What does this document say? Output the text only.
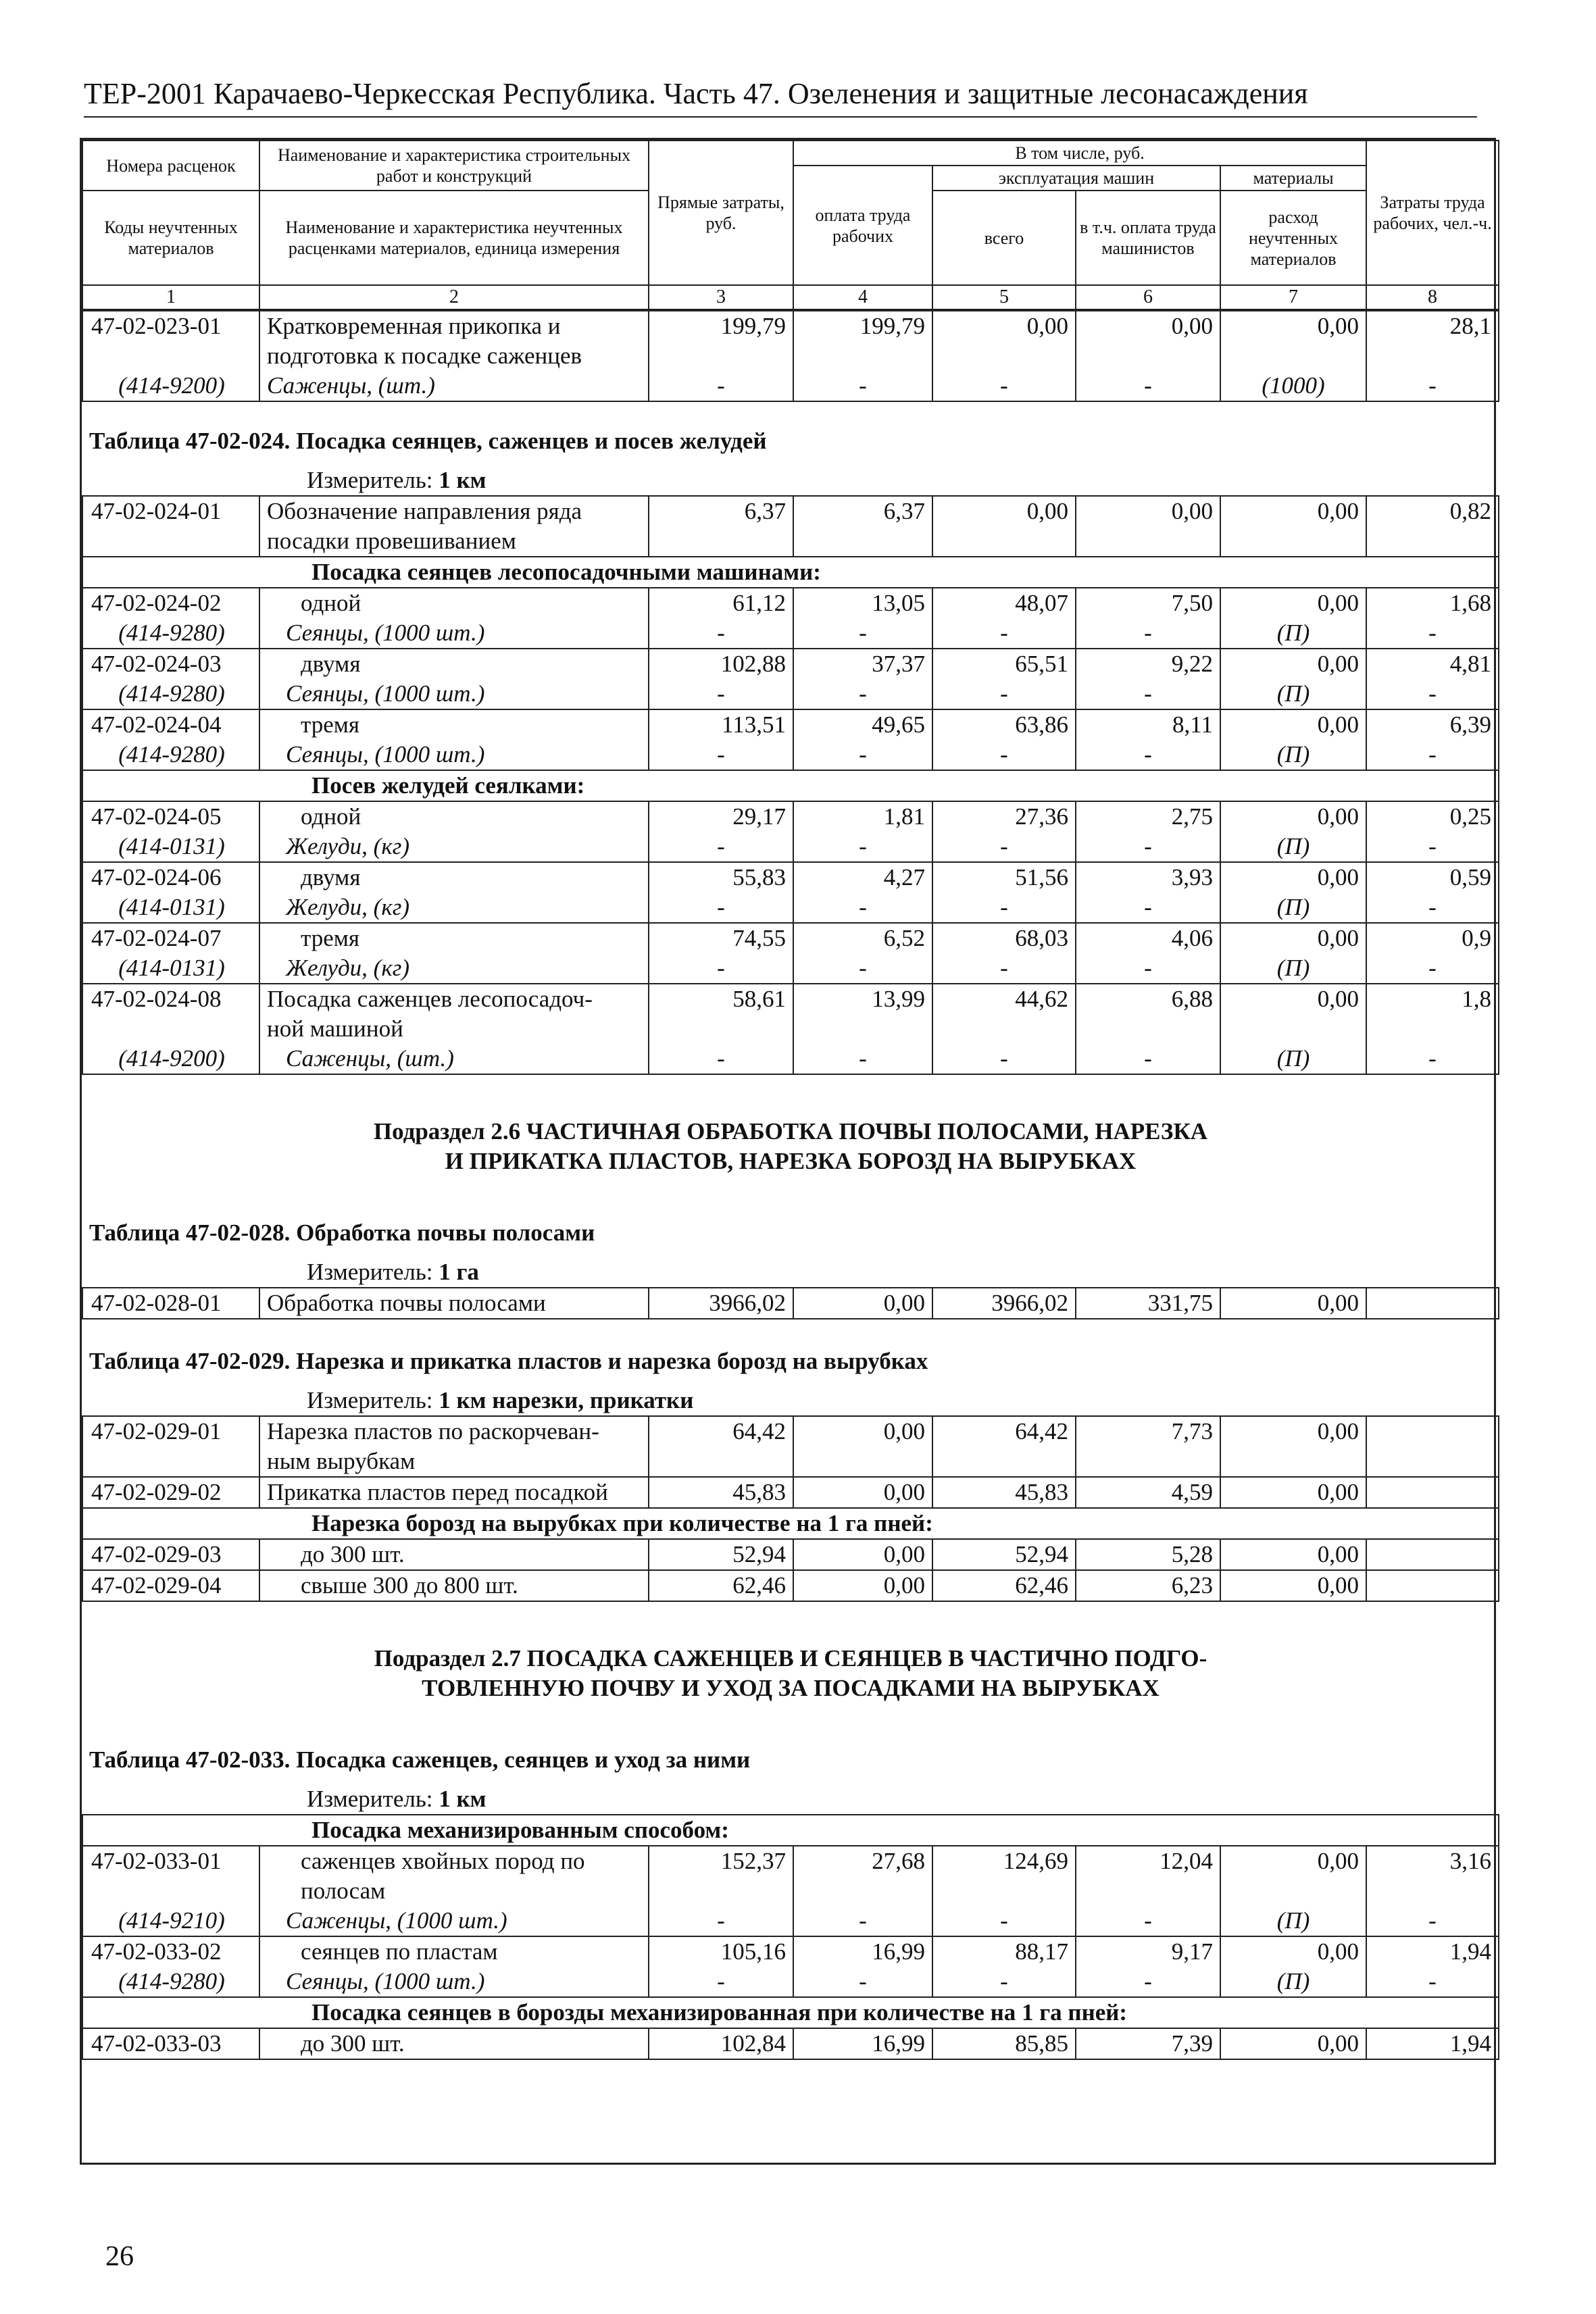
ТЕР-2001 Карачаево-Черкесская Республика. Часть 47. Озеленения и защитные лесонасаждения
Номера расценок	Наименование и характеристика строительных работ и конструкций	Прямые затраты, руб.	В том числе, руб.				Затраты труда рабочих, чел.-ч.
			оплата труда рабочих	эксплуатация машин		материалы	
Коды неучтенных материалов	Наименование и характеристика неучтенных расценками материалов, единица измерения			всего	в т.ч. оплата труда машинистов	расход неучтенных материалов	

1	2	3	4	5	6	7	8
47-02-023-01	Кратковременная прикопка и	199,79	199,79	0,00	0,00	0,00	28,1
	подготовка к посадке саженцев						
(414-9200)	Саженцы, (шт.)	-	-	-	-	(1000)	-

Таблица 47-02-024. Посадка сеянцев, саженцев и посев желудей							
Измеритель: 1 км							
47-02-024-01	Обозначение направления ряда	6,37	6,37	0,00	0,00	0,00	0,82
	посадки провешиванием						
Посадка сеянцев лесопосадочными машинами:							
47-02-024-02	одной	61,12	13,05	48,07	7,50	0,00	1,68
(414-9280)	Сеянцы, (1000 шт.)	-	-	-	-	(П)	-
47-02-024-03	двумя	102,88	37,37	65,51	9,22	0,00	4,81
(414-9280)	Сеянцы, (1000 шт.)	-	-	-	-	(П)	-
47-02-024-04	тремя	113,51	49,65	63,86	8,11	0,00	6,39
(414-9280)	Сеянцы, (1000 шт.)	-	-	-	-	(П)	-
Посев желудей сеялками:							
47-02-024-05	одной	29,17	1,81	27,36	2,75	0,00	0,25
(414-0131)	Желуди, (кг)	-	-	-	-	(П)	-
47-02-024-06	двумя	55,83	4,27	51,56	3,93	0,00	0,59
(414-0131)	Желуди, (кг)	-	-	-	-	(П)	-
47-02-024-07	тремя	74,55	6,52	68,03	4,06	0,00	0,9
(414-0131)	Желуди, (кг)	-	-	-	-	(П)	-
47-02-024-08	Посадка саженцев лесопосадоч-	58,61	13,99	44,62	6,88	0,00	1,8
	ной машиной						
(414-9200)	Саженцы, (шт.)	-	-	-	-	(П)	-

Подраздел 2.6 ЧАСТИЧНАЯ ОБРАБОТКА ПОЧВЫ ПОЛОСАМИ, НАРЕЗКА							
И ПРИКАТКА ПЛАСТОВ, НАРЕЗКА БОРОЗД НА ВЫРУБКАХ							

Таблица 47-02-028. Обработка почвы полосами							
Измеритель: 1 га							
47-02-028-01	Обработка почвы полосами	3966,02	0,00	3966,02	331,75	0,00	

Таблица 47-02-029. Нарезка и прикатка пластов и нарезка борозд на вырубках							
Измеритель: 1 км нарезки, прикатки							
47-02-029-01	Нарезка пластов по раскорчеван-	64,42	0,00	64,42	7,73	0,00	
	ным вырубкам						
47-02-029-02	Прикатка пластов перед посадкой	45,83	0,00	45,83	4,59	0,00	
Нарезка борозд на вырубках при количестве на 1 га пней:							
47-02-029-03	до 300 шт.	52,94	0,00	52,94	5,28	0,00	
47-02-029-04	свыше 300 до 800 шт.	62,46	0,00	62,46	6,23	0,00	

Подраздел 2.7 ПОСАДКА САЖЕНЦЕВ И СЕЯНЦЕВ В ЧАСТИЧНО ПОДГО-							
ТОВЛЕННУЮ ПОЧВУ И УХОД ЗА ПОСАДКАМИ НА ВЫРУБКАХ							

Таблица 47-02-033. Посадка саженцев, сеянцев и уход за ними							
Измеритель: 1 км							
Посадка механизированным способом:							
47-02-033-01	саженцев хвойных пород по	152,37	27,68	124,69	12,04	0,00	3,16
	полосам						
(414-9210)	Саженцы, (1000 шт.)	-	-	-	-	(П)	-
47-02-033-02	сеянцев по пластам	105,16	16,99	88,17	9,17	0,00	1,94
(414-9280)	Сеянцы, (1000 шт.)	-	-	-	-	(П)	-
Посадка сеянцев в борозды механизированная при количестве на 1 га пней:							
47-02-033-03	до 300 шт.	102,84	16,99	85,85	7,39	0,00	1,94
26
